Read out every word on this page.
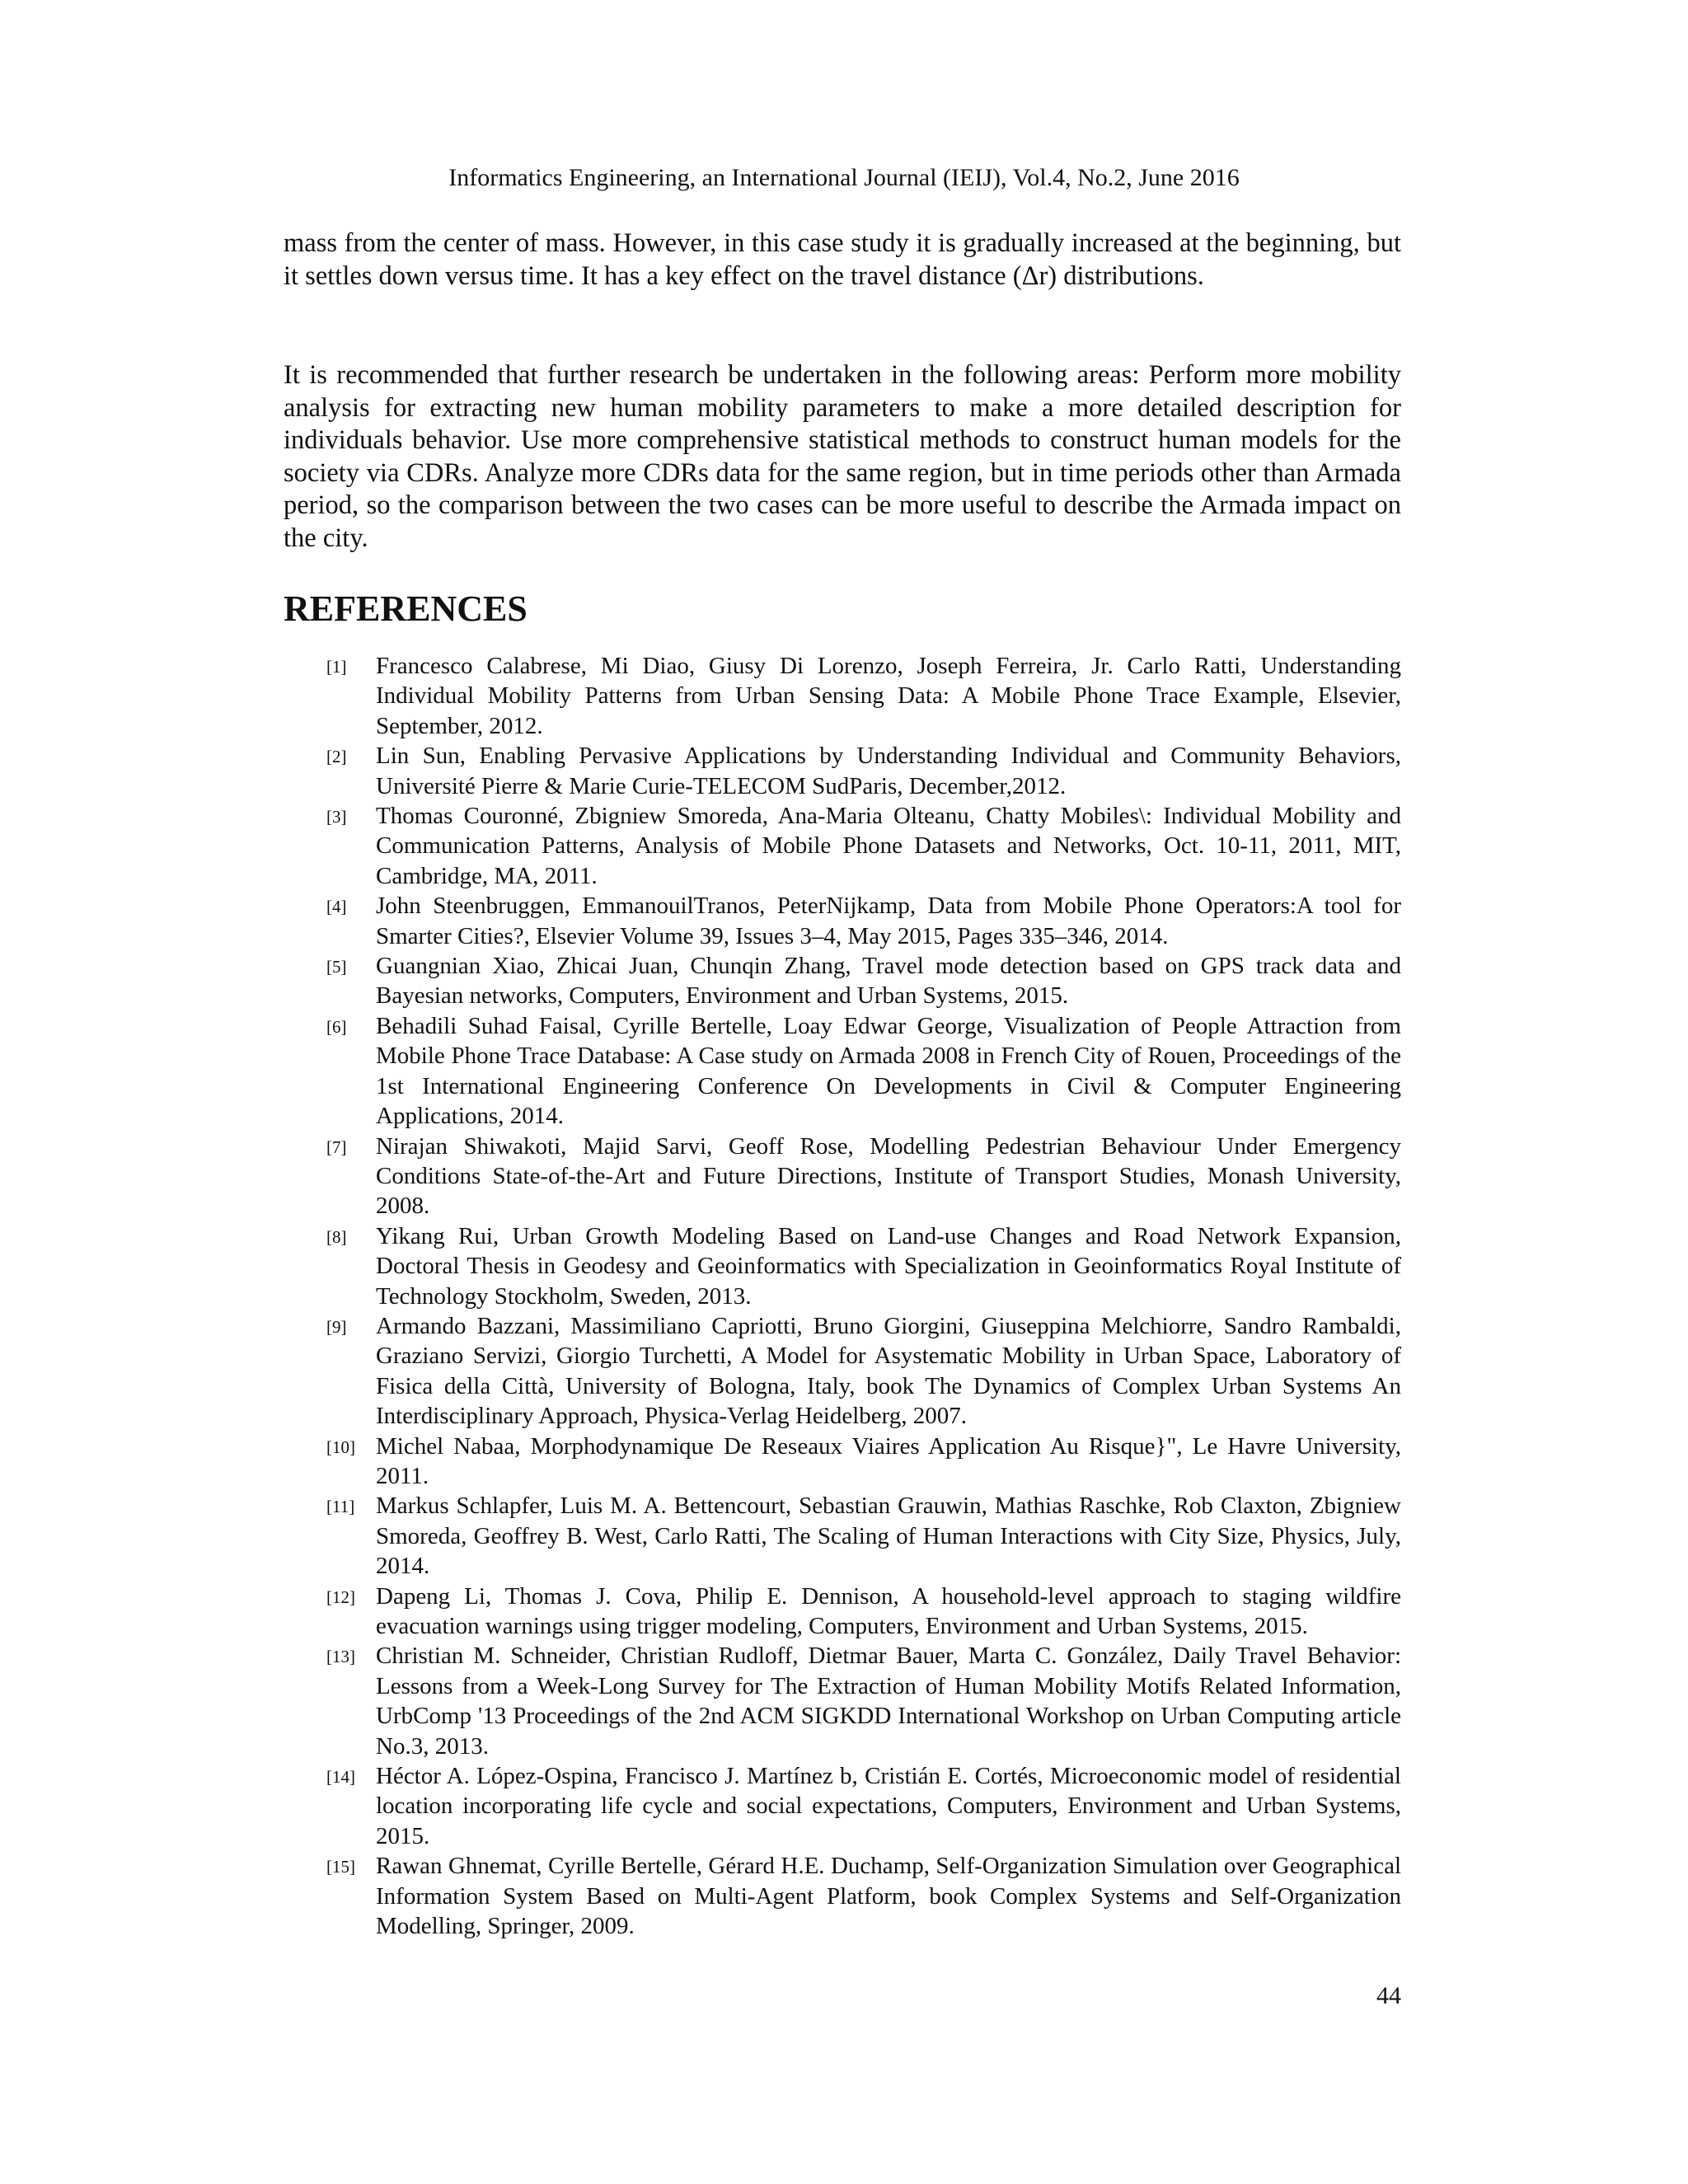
Informatics Engineering, an International Journal (IEIJ), Vol.4, No.2, June 2016

mass from the center of mass. However, in this case study it is gradually increased at the beginning, but it settles down versus time. It has a key effect on the travel distance (Δr) distributions.

It is recommended that further research be undertaken in the following areas: Perform more mobility analysis for extracting new human mobility parameters to make a more detailed description for individuals behavior. Use more comprehensive statistical methods to construct human models for the society via CDRs. Analyze more CDRs data for the same region, but in time periods other than Armada period, so the comparison between the two cases can be more useful to describe the Armada impact on the city.

REFERENCES
[1] Francesco Calabrese, Mi Diao, Giusy Di Lorenzo, Joseph Ferreira, Jr. Carlo Ratti, Understanding Individual Mobility Patterns from Urban Sensing Data: A Mobile Phone Trace Example, Elsevier, September, 2012.
[2] Lin Sun, Enabling Pervasive Applications by Understanding Individual and Community Behaviors, Université Pierre & Marie Curie-TELECOM SudParis, December,2012.
[3] Thomas Couronné, Zbigniew Smoreda, Ana-Maria Olteanu, Chatty Mobiles\: Individual Mobility and Communication Patterns, Analysis of Mobile Phone Datasets and Networks, Oct. 10-11, 2011, MIT, Cambridge, MA, 2011.
[4] John Steenbruggen, EmmanouilTranos, PeterNijkamp, Data from Mobile Phone Operators:A tool for Smarter Cities?, Elsevier Volume 39, Issues 3–4, May 2015, Pages 335–346, 2014.
[5] Guangnian Xiao, Zhicai Juan, Chunqin Zhang, Travel mode detection based on GPS track data and Bayesian networks, Computers, Environment and Urban Systems, 2015.
[6] Behadili Suhad Faisal, Cyrille Bertelle, Loay Edwar George, Visualization of People Attraction from Mobile Phone Trace Database: A Case study on Armada 2008 in French City of Rouen, Proceedings of the 1st International Engineering Conference On Developments in Civil & Computer Engineering Applications, 2014.
[7] Nirajan Shiwakoti, Majid Sarvi, Geoff Rose, Modelling Pedestrian Behaviour Under Emergency Conditions State-of-the-Art and Future Directions, Institute of Transport Studies, Monash University, 2008.
[8] Yikang Rui, Urban Growth Modeling Based on Land-use Changes and Road Network Expansion, Doctoral Thesis in Geodesy and Geoinformatics with Specialization in Geoinformatics Royal Institute of Technology Stockholm, Sweden, 2013.
[9] Armando Bazzani, Massimiliano Capriotti, Bruno Giorgini, Giuseppina Melchiorre, Sandro Rambaldi, Graziano Servizi, Giorgio Turchetti, A Model for Asystematic Mobility in Urban Space, Laboratory of Fisica della Città, University of Bologna, Italy, book The Dynamics of Complex Urban Systems An Interdisciplinary Approach, Physica-Verlag Heidelberg, 2007.
[10] Michel Nabaa, Morphodynamique De Reseaux Viaires Application Au Risque}", Le Havre University, 2011.
[11] Markus Schlapfer, Luis M. A. Bettencourt, Sebastian Grauwin, Mathias Raschke, Rob Claxton, Zbigniew Smoreda, Geoffrey B. West, Carlo Ratti, The Scaling of Human Interactions with City Size, Physics, July, 2014.
[12] Dapeng Li, Thomas J. Cova, Philip E. Dennison, A household-level approach to staging wildfire evacuation warnings using trigger modeling, Computers, Environment and Urban Systems, 2015.
[13] Christian M. Schneider, Christian Rudloff, Dietmar Bauer, Marta C. González, Daily Travel Behavior: Lessons from a Week-Long Survey for The Extraction of Human Mobility Motifs Related Information, UrbComp '13 Proceedings of the 2nd ACM SIGKDD International Workshop on Urban Computing article No.3, 2013.
[14] Héctor A. López-Ospina, Francisco J. Martínez b, Cristián E. Cortés, Microeconomic model of residential location incorporating life cycle and social expectations, Computers, Environment and Urban Systems, 2015.
[15] Rawan Ghnemat, Cyrille Bertelle, Gérard H.E. Duchamp, Self-Organization Simulation over Geographical Information System Based on Multi-Agent Platform, book Complex Systems and Self-Organization Modelling, Springer, 2009.
44
